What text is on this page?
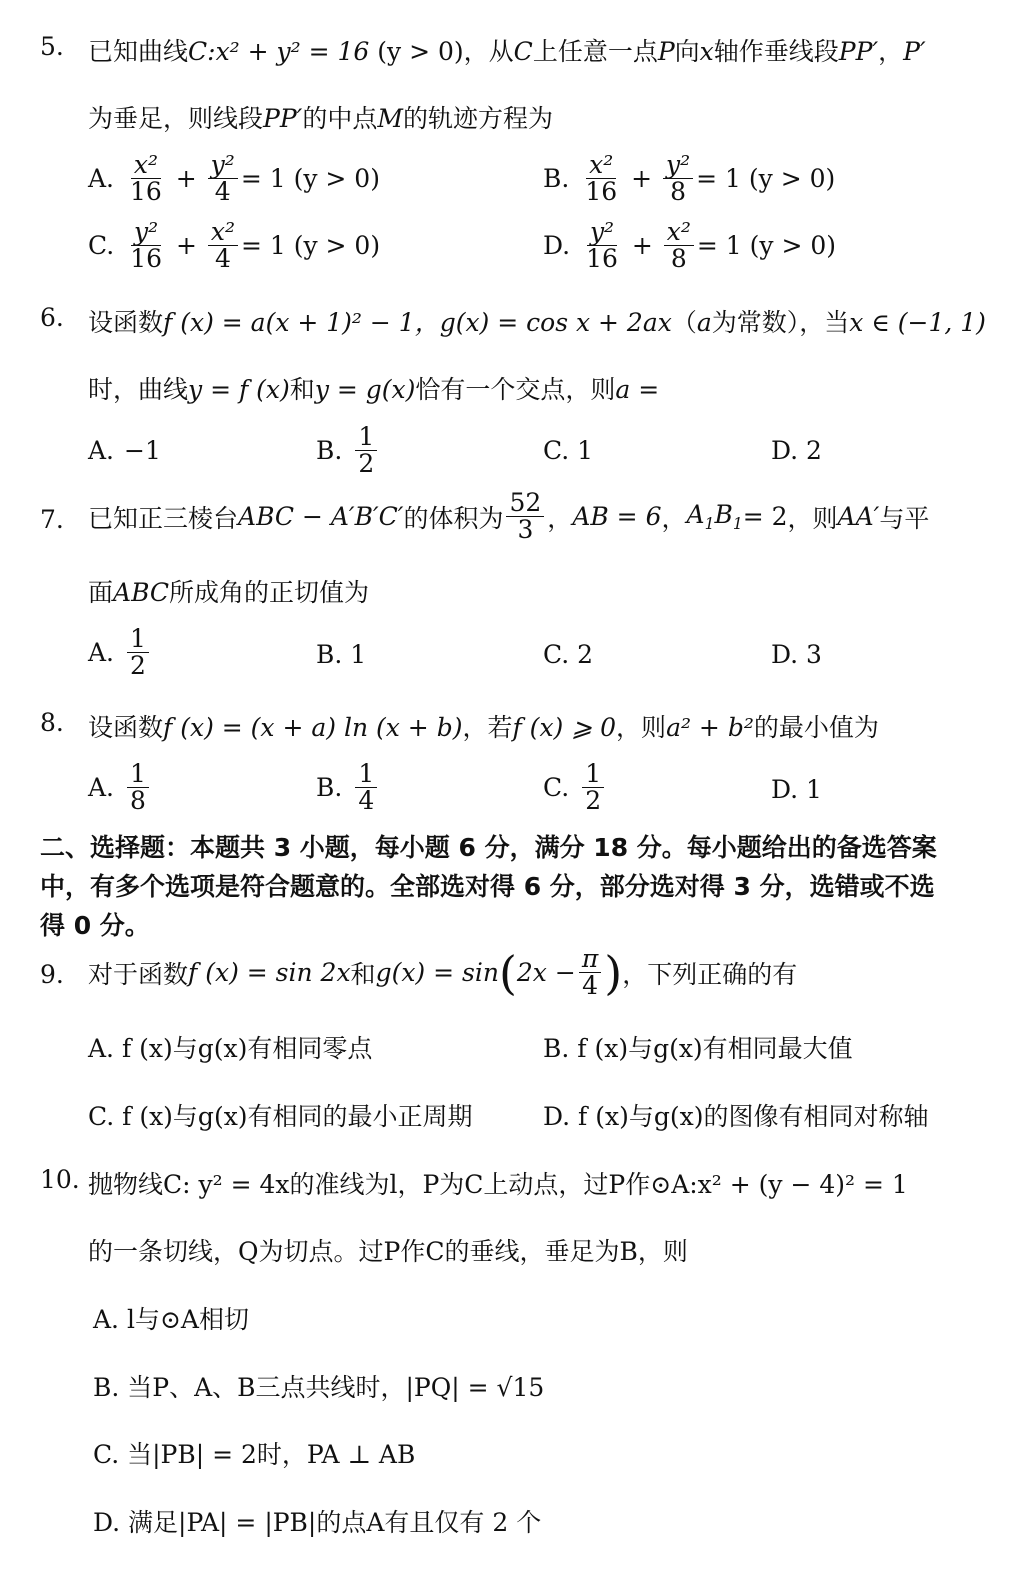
5. 已知曲线C:x² + y² = 16 (y > 0)，从C上任意一点P向x轴作垂线段PP′，P′
为垂足，则线段PP′的中点M的轨迹方程为
A. $\frac{\text{x²}}{16} + \frac{\text{y²}}{4} = 1$ (y > 0)	B. $\frac{\text{x²}}{16} + \frac{\text{y²}}{8} = 1$ (y > 0)
C. $\frac{\text{y²}}{16} + \frac{\text{x²}}{4} = 1$ (y > 0)	D. $\frac{\text{y²}}{16} + \frac{\text{x²}}{8} = 1$ (y > 0)
6. 设函数f (x) = a(x + 1)² − 1，g(x) = cos x + 2ax（a为常数），当x ∈ (−1, 1)
时，曲线y = f (x)和y = g(x)恰有一个交点，则a =
A. −1	B. $\frac{1}{2}$	C. 1	D. 2
7. 已知正三棱台 ABC − A′B′C′ 的体积为 $\frac{52}{3}$ ， AB = 6 ， $A_1B_1 = 2$ ，则 AA′ 与平
面ABC所成角的正切值为
A. $\frac{1}{2}$	B. 1	C. 2	D. 3
8. 设函数f (x) = (x + a) ln (x + b)，若f (x) ⩾ 0，则a² + b²的最小值为
A. $\frac{1}{8}$	B. $\frac{1}{4}$	C. $\frac{1}{2}$	D. 1
二、选择题：本题共 3 小题，每小题 6 分，满分 18 分。每小题给出的备选答案中，有多个选项是符合题意的。全部选对得 6 分，部分选对得 3 分，选错或不选得 0 分。
9. 对于函数 f (x) = sin 2x 和 g(x) = sin ( $2x - \frac{\pi}{4}$ ) ，下列正确的有
A. f (x)与g(x)有相同零点	B. f (x)与g(x)有相同最大值
C. f (x)与g(x)有相同的最小正周期	D. f (x)与g(x)的图像有相同对称轴
10. 抛物线C: y² = 4x的准线为l，P为C上动点，过P作⊙A:x² + (y − 4)² = 1
的一条切线，Q为切点。过P作C的垂线，垂足为B，则
A. l与⊙A相切
B. 当P、A、B三点共线时，|PQ| = √15
C. 当|PB| = 2时，PA ⊥ AB
D. 满足|PA| = |PB|的点A有且仅有 2 个
